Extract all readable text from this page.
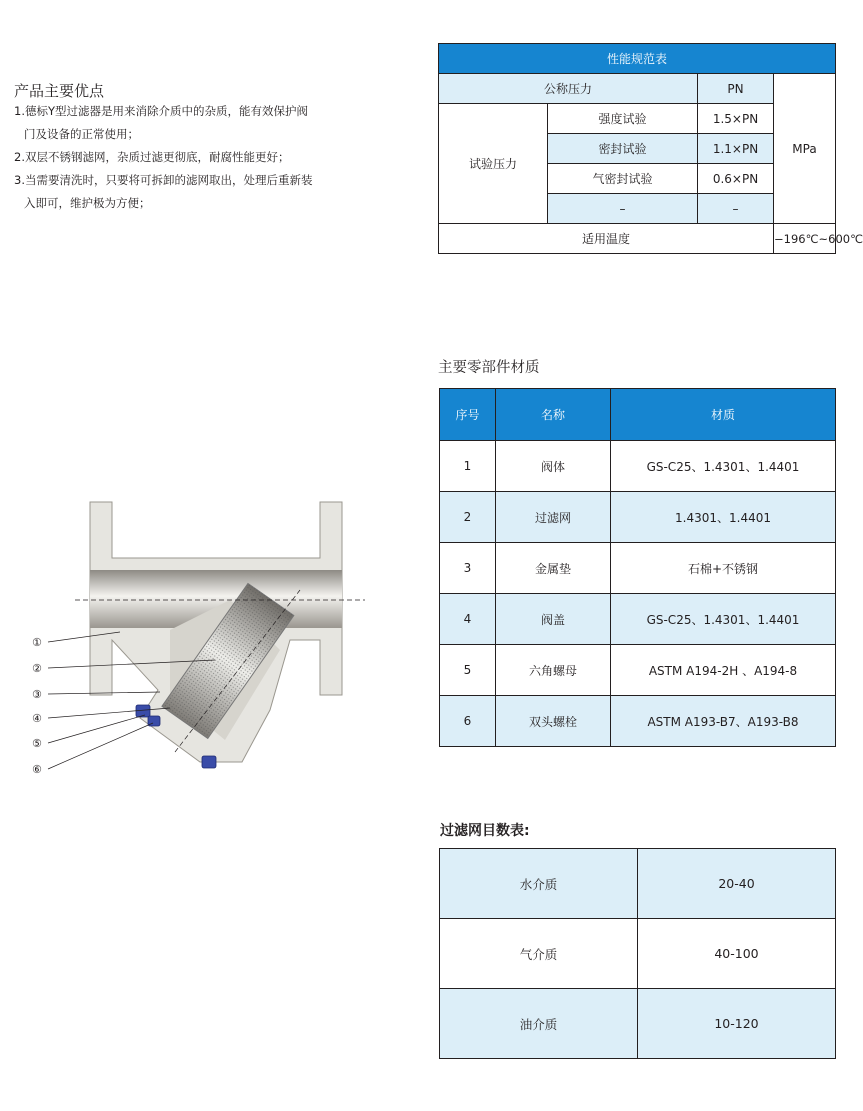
产品主要优点
1.德标Y型过滤器是用来消除介质中的杂质，能有效保护阀
门及设备的正常使用；
2.双层不锈钢滤网，杂质过滤更彻底，耐腐性能更好；
3.当需要清洗时，只要将可拆卸的滤网取出，处理后重新装
入即可，维护极为方便；
性能规范表			
公称压力		PN	MPa
试验压力	强度试验	1.5×PN	
	密封试验	1.1×PN	
	气密封试验	0.6×PN	
	–	–	
适用温度			−196℃~600℃
主要零部件材质
序号	名称	材质
1	阀体	GS-C25、1.4301、1.4401
2	过滤网	1.4301、1.4401
3	金属垫	石棉+不锈钢
4	阀盖	GS-C25、1.4301、1.4401
5	六角螺母	ASTM A194-2H 、A194-8
6	双头螺栓	ASTM A193-B7、A193-B8
过滤网目数表:
水介质	20-40
气介质	40-100
油介质	10-120
①
②
③
④
⑤
⑥
